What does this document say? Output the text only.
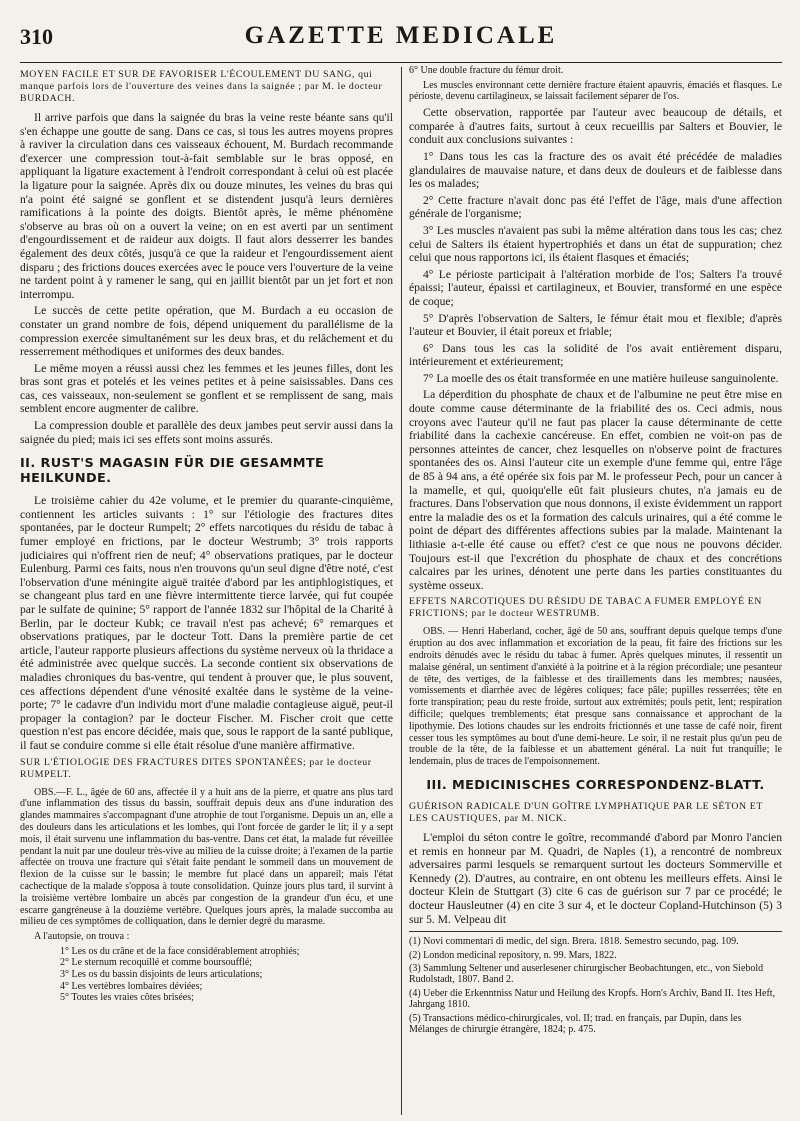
310	GAZETTE MEDICALE

MOYEN FACILE ET SUR DE FAVORISER L'ÉCOULEMENT DU SANG, qui manque parfois lors de l'ouverture des veines dans la saignée ; par M. le docteur BURDACH.

Il arrive parfois que dans la saignée du bras la veine reste béante sans qu'il s'en échappe une goutte de sang. Dans ce cas, si tous les autres moyens propres à raviver la circulation dans ces vaisseaux échouent, M. Burdach recommande d'exercer une compression tout-à-fait semblable sur le bras opposé, en appliquant la ligature exactement à l'endroit correspondant à celui où est placée la ligature pour la saignée. Après dix ou douze minutes, les veines du bras qui n'a point été saigné se gonflent et se distendent jusqu'à leurs dernières ramifications à la pointe des doigts. Bientôt après, le même phénomène s'observe au bras où on a ouvert la veine; on en est averti par un sentiment d'engourdissement et de raideur aux doigts. Il faut alors desserrer les bandes également des deux côtés, jusqu'à ce que la raideur et l'engourdissement aient disparu ; des frictions douces exercées avec le pouce vers l'ouverture de la veine ne tardent point à y ramener le sang, qui en jaillit bientôt par un jet fort et non interrompu.

Le succès de cette petite opération, que M. Burdach a eu occasion de constater un grand nombre de fois, dépend uniquement du parallélisme de la compression exercée simultanément sur les deux bras, et du relâchement et du resserrement méthodiques et uniformes des deux bandes.

Le même moyen a réussi aussi chez les femmes et les jeunes filles, dont les bras sont gras et potelés et les veines petites et à peine saisissables. Dans ces cas, ces vaisseaux, non-seulement se gonflent et se remplissent de sang, mais semblent encore augmenter de calibre.

La compression double et parallèle des deux jambes peut servir aussi dans la saignée du pied; mais ici ses effets sont moins assurés.

II. RUST'S MAGASIN FÜR DIE GESAMMTE HEILKUNDE.

Le troisième cahier du 42e volume, et le premier du quarante-cinquième, contiennent les articles suivants : 1° sur l'étiologie des fractures dites spontanées, par le docteur Rumpelt; 2° effets narcotiques du résidu de tabac à fumer employé en frictions, par le docteur Westrumb; 3° trois rapports judiciaires qui n'offrent rien de neuf; 4° observations pratiques, par le docteur Eulenburg. Parmi ces faits, nous n'en trouvons qu'un seul digne d'être noté, c'est l'observation d'une méningite aiguë traitée d'abord par les antiphlogistiques, et se changeant plus tard en une fièvre intermittente tierce larvée, qui fut coupée par le sulfate de quinine; 5° rapport de l'année 1832 sur l'hôpital de la Charité à Berlin, par le docteur Kubk; ce travail n'est pas achevé; 6° remarques et observations pratiques, par le docteur Tott. Dans la première partie de cet article, l'auteur rapporte plusieurs affections du système nerveux où la thridace a été administrée avec quelque succès. La seconde contient six observations de maladies chroniques du bas-ventre, qui tendent à prouver que, le plus souvent, ces affections dépendent d'une vénosité exaltée dans le système de la veine-porte; 7° le cadavre d'un individu mort d'une maladie contagieuse aiguë, peut-il propager la contagion? par le docteur Fischer. M. Fischer croit que cette question n'est pas encore décidée, mais que, sous le rapport de la santé publique, il faut se conduire comme si elle était résolue d'une manière affirmative.

SUR L'ÉTIOLOGIE DES FRACTURES DITES SPONTANÉES; par le docteur RUMPELT.

OBS.—F. L., âgée de 60 ans, affectée il y a huit ans de la pierre, et quatre ans plus tard d'une inflammation des tissus du bassin, souffrait depuis deux ans d'une induration des glandes mammaires s'accompagnant d'une atrophie de tout l'organisme. Depuis un an, elle a des douleurs dans les articulations et les lombes, qui l'ont forcée de garder le lit; il y a sept mois, il était survenu une inflammation du bas-ventre. Dans cet état, la malade fut réveillée pendant la nuit par une douleur très-vive au milieu de la cuisse droite; à l'examen de la partie affectée on trouva une fracture qui s'était faite pendant le sommeil dans un mouvement de flexion de la cuisse sur le bassin; le membre fut placé dans un appareil; mais l'état cachectique de la malade s'opposa à toute consolidation. Quinze jours plus tard, il survint à la troisième vertèbre lombaire un abcès par congestion de la grandeur d'un écu, et une escarre gangréneuse à la douzième vertèbre. Quelques jours après, la malade succomba au milieu de ces symptômes de colliquation, dans le dernier degré du marasme.

A l'autopsie, on trouva :

1° Les os du crâne et de la face considérablement atrophiés;
2° Le sternum recoquillé et comme boursoufflé;
3° Les os du bassin disjoints de leurs articulations;
4° Les vertèbres lombaires déviées;
5° Toutes les vraies côtes brisées;
6° Une double fracture du fémur droit.

Les muscles environnant cette dernière fracture étaient apauvris, émaciés et flasques. Le périoste, devenu cartilagineux, se laissait facilement séparer de l'os.

Cette observation, rapportée par l'auteur avec beaucoup de détails, et comparée à d'autres faits, surtout à ceux recueillis par Salters et Bouvier, le conduit aux conclusions suivantes :

1° Dans tous les cas la fracture des os avait été précédée de maladies glandulaires de mauvaise nature, et dans deux de douleurs et de faiblesse dans les os malades;

2° Cette fracture n'avait donc pas été l'effet de l'âge, mais d'une affection générale de l'organisme;

3° Les muscles n'avaient pas subi la même altération dans tous les cas; chez celui de Salters ils étaient hypertrophiés et dans un état de suppuration; chez celui que nous rapportons ici, ils étaient flasques et émaciés;

4° Le périoste participait à l'altération morbide de l'os; Salters l'a trouvé épaissi; l'auteur, épaissi et cartilagineux, et Bouvier, transformé en une espèce de coque;

5° D'après l'observation de Salters, le fémur était mou et flexible; d'après l'auteur et Bouvier, il était poreux et friable;

6° Dans tous les cas la solidité de l'os avait entièrement disparu, intérieurement et extérieurement;

7° La moelle des os était transformée en une matière huileuse sanguinolente.

La déperdition du phosphate de chaux et de l'albumine ne peut être mise en doute comme cause déterminante de la friabilité des os. Ceci admis, nous croyons avec l'auteur qu'il ne faut pas placer la cause déterminante de cette friabilité dans la cachexie cancéreuse. En effet, combien ne voit-on pas de personnes atteintes de cancer, chez lesquelles on n'observe point de fractures spontanées des os. Ainsi l'auteur cite un exemple d'une femme qui, entre l'âge de 85 à 94 ans, a été opérée six fois par M. le professeur Pech, pour un cancer à la mamelle, et qui, quoiqu'elle eût fait plusieurs chutes, n'a jamais eu de fractures. Dans l'observation que nous donnons, il existe évidemment un rapport entre la maladie des os et la formation des calculs urinaires, qui a été comme le point de départ des différentes affections subies par la malade. Maintenant la lithiasie a-t-elle été cause ou effet? c'est ce que nous ne pouvons décider. Toujours est-il que l'excrétion du phosphate de chaux et des concrétions calcaires par les urines, dénotent une perte dans les parties constituantes du système osseux.

EFFETS NARCOTIQUES DU RÉSIDU DE TABAC A FUMER EMPLOYÉ EN FRICTIONS; par le docteur WESTRUMB.

OBS. — Henri Haberland, cocher, âgé de 50 ans, souffrant depuis quelque temps d'une éruption au dos avec inflammation et excoriation de la peau, fit faire des frictions sur les endroits dénudés avec le résidu du tabac à fumer. Après quelques minutes, il ressentit un malaise général, un sentiment d'anxiété à la poitrine et à la région précordiale; une pesanteur de tête, des vertiges, de la faiblesse et des tiraillements dans les membres; nausées, vomissements et diarrhée avec de légères coliques; face pâle; pupilles resserrées; tête en forte transpiration; peau du reste froide, surtout aux extrémités; pouls petit, lent; respiration difficile; quelques tremblements; état presque sans connaissance et approchant de la lipothymie. Des lotions chaudes sur les endroits frictionnés et une tasse de café noir, firent cesser tous les symptômes au bout d'une demi-heure. Le soir, il ne restait plus qu'un peu de trouble de la tête, de la faiblesse et un abattement général. La nuit fut tranquille; le lendemain, plus de traces de l'empoisonnement.

III. MEDICINISCHES CORRESPONDENZ-BLATT.

GUÉRISON RADICALE D'UN GOÎTRE LYMPHATIQUE PAR LE SÉTON ET LES CAUSTIQUES, par M. NICK.

L'emploi du séton contre le goître, recommandé d'abord par Monro l'ancien et remis en honneur par M. Quadri, de Naples (1), a rencontré de nombreux adversaires parmi lesquels se remarquent surtout les docteurs Sommerville et Kennedy (2). D'autres, au contraire, en ont obtenu les meilleurs effets. Ainsi le docteur Klein de Stuttgart (3) cite 6 cas de guérison sur 7 par ce procédé; le docteur Hausleutner (4) en cite 3 sur 4, et le docteur Copland-Hutchinson (5) 3 sur 5. M. Velpeau dit

(1) Novi commentari di medic, del sign. Brera. 1818. Semestro secundo, pag. 109.

(2) London medicinal repository, n. 99. Mars, 1822.

(3) Sammlung Seltener und auserlesener chirurgischer Beobachtungen, etc., von Siebold Rudolstadt, 1807. Band 2.

(4) Ueber die Erkenntniss Natur und Heilung des Kropfs. Horn's Archiv, Band II. 1tes Heft, Jahrgang 1810.

(5) Transactions médico-chirurgicales, vol. II; trad. en français, par Dupin, dans les Mélanges de chirurgie étrangère, 1824; p. 475.
